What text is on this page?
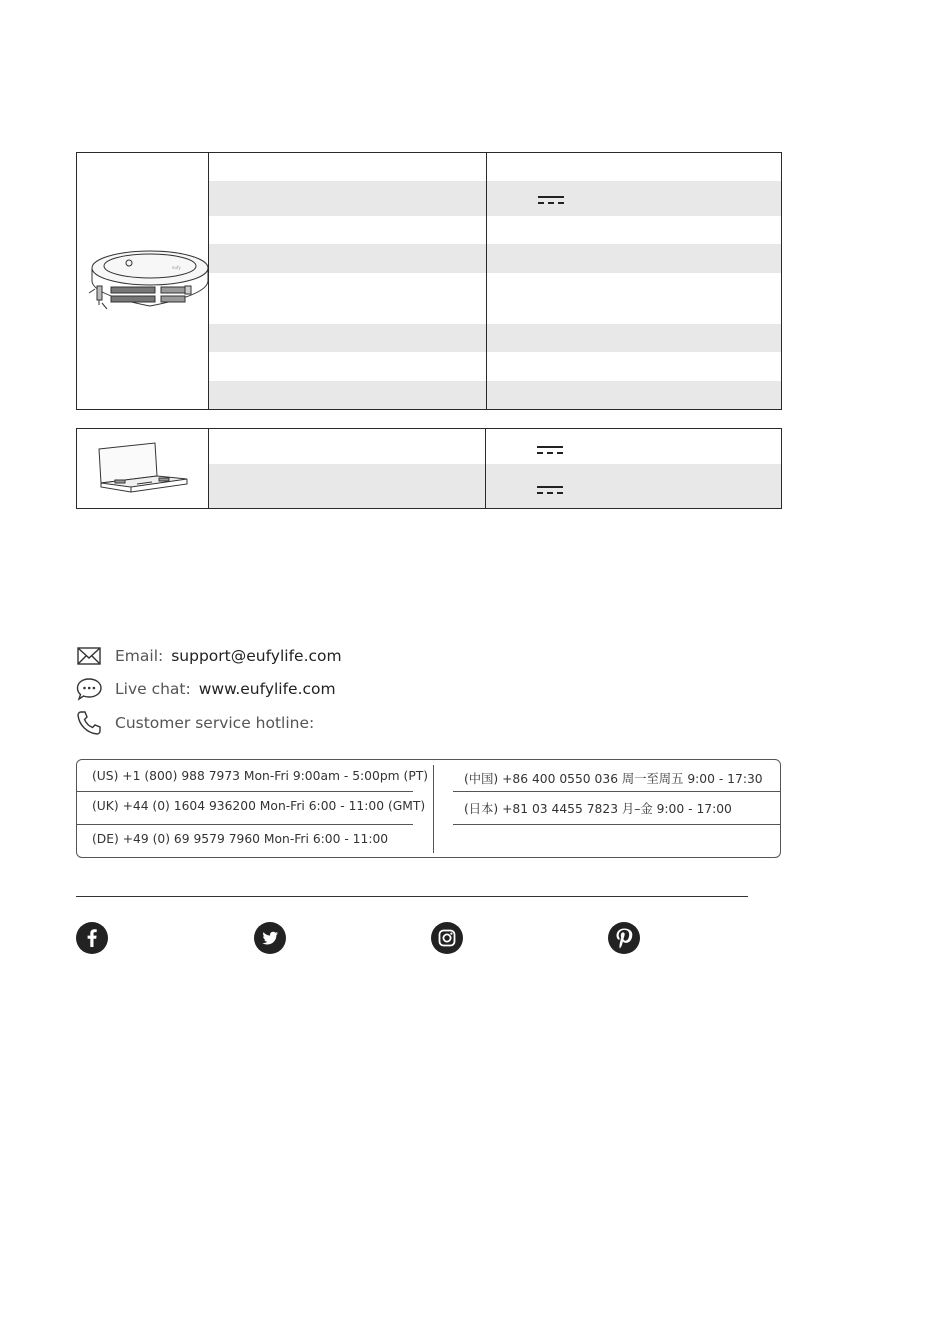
eufy
Email: support@eufylife.com
Live chat: www.eufylife.com
Customer service hotline:
(US) +1 (800) 988 7973 Mon-Fri 9:00am - 5:00pm (PT)
(UK) +44 (0) 1604 936200 Mon-Fri 6:00 - 11:00 (GMT)
(DE) +49 (0) 69 9579 7960 Mon-Fri 6:00 - 11:00
(中国) +86 400 0550 036 周一至周五 9:00 - 17:30
(日本) +81 03 4455 7823 月–金 9:00 - 17:00
